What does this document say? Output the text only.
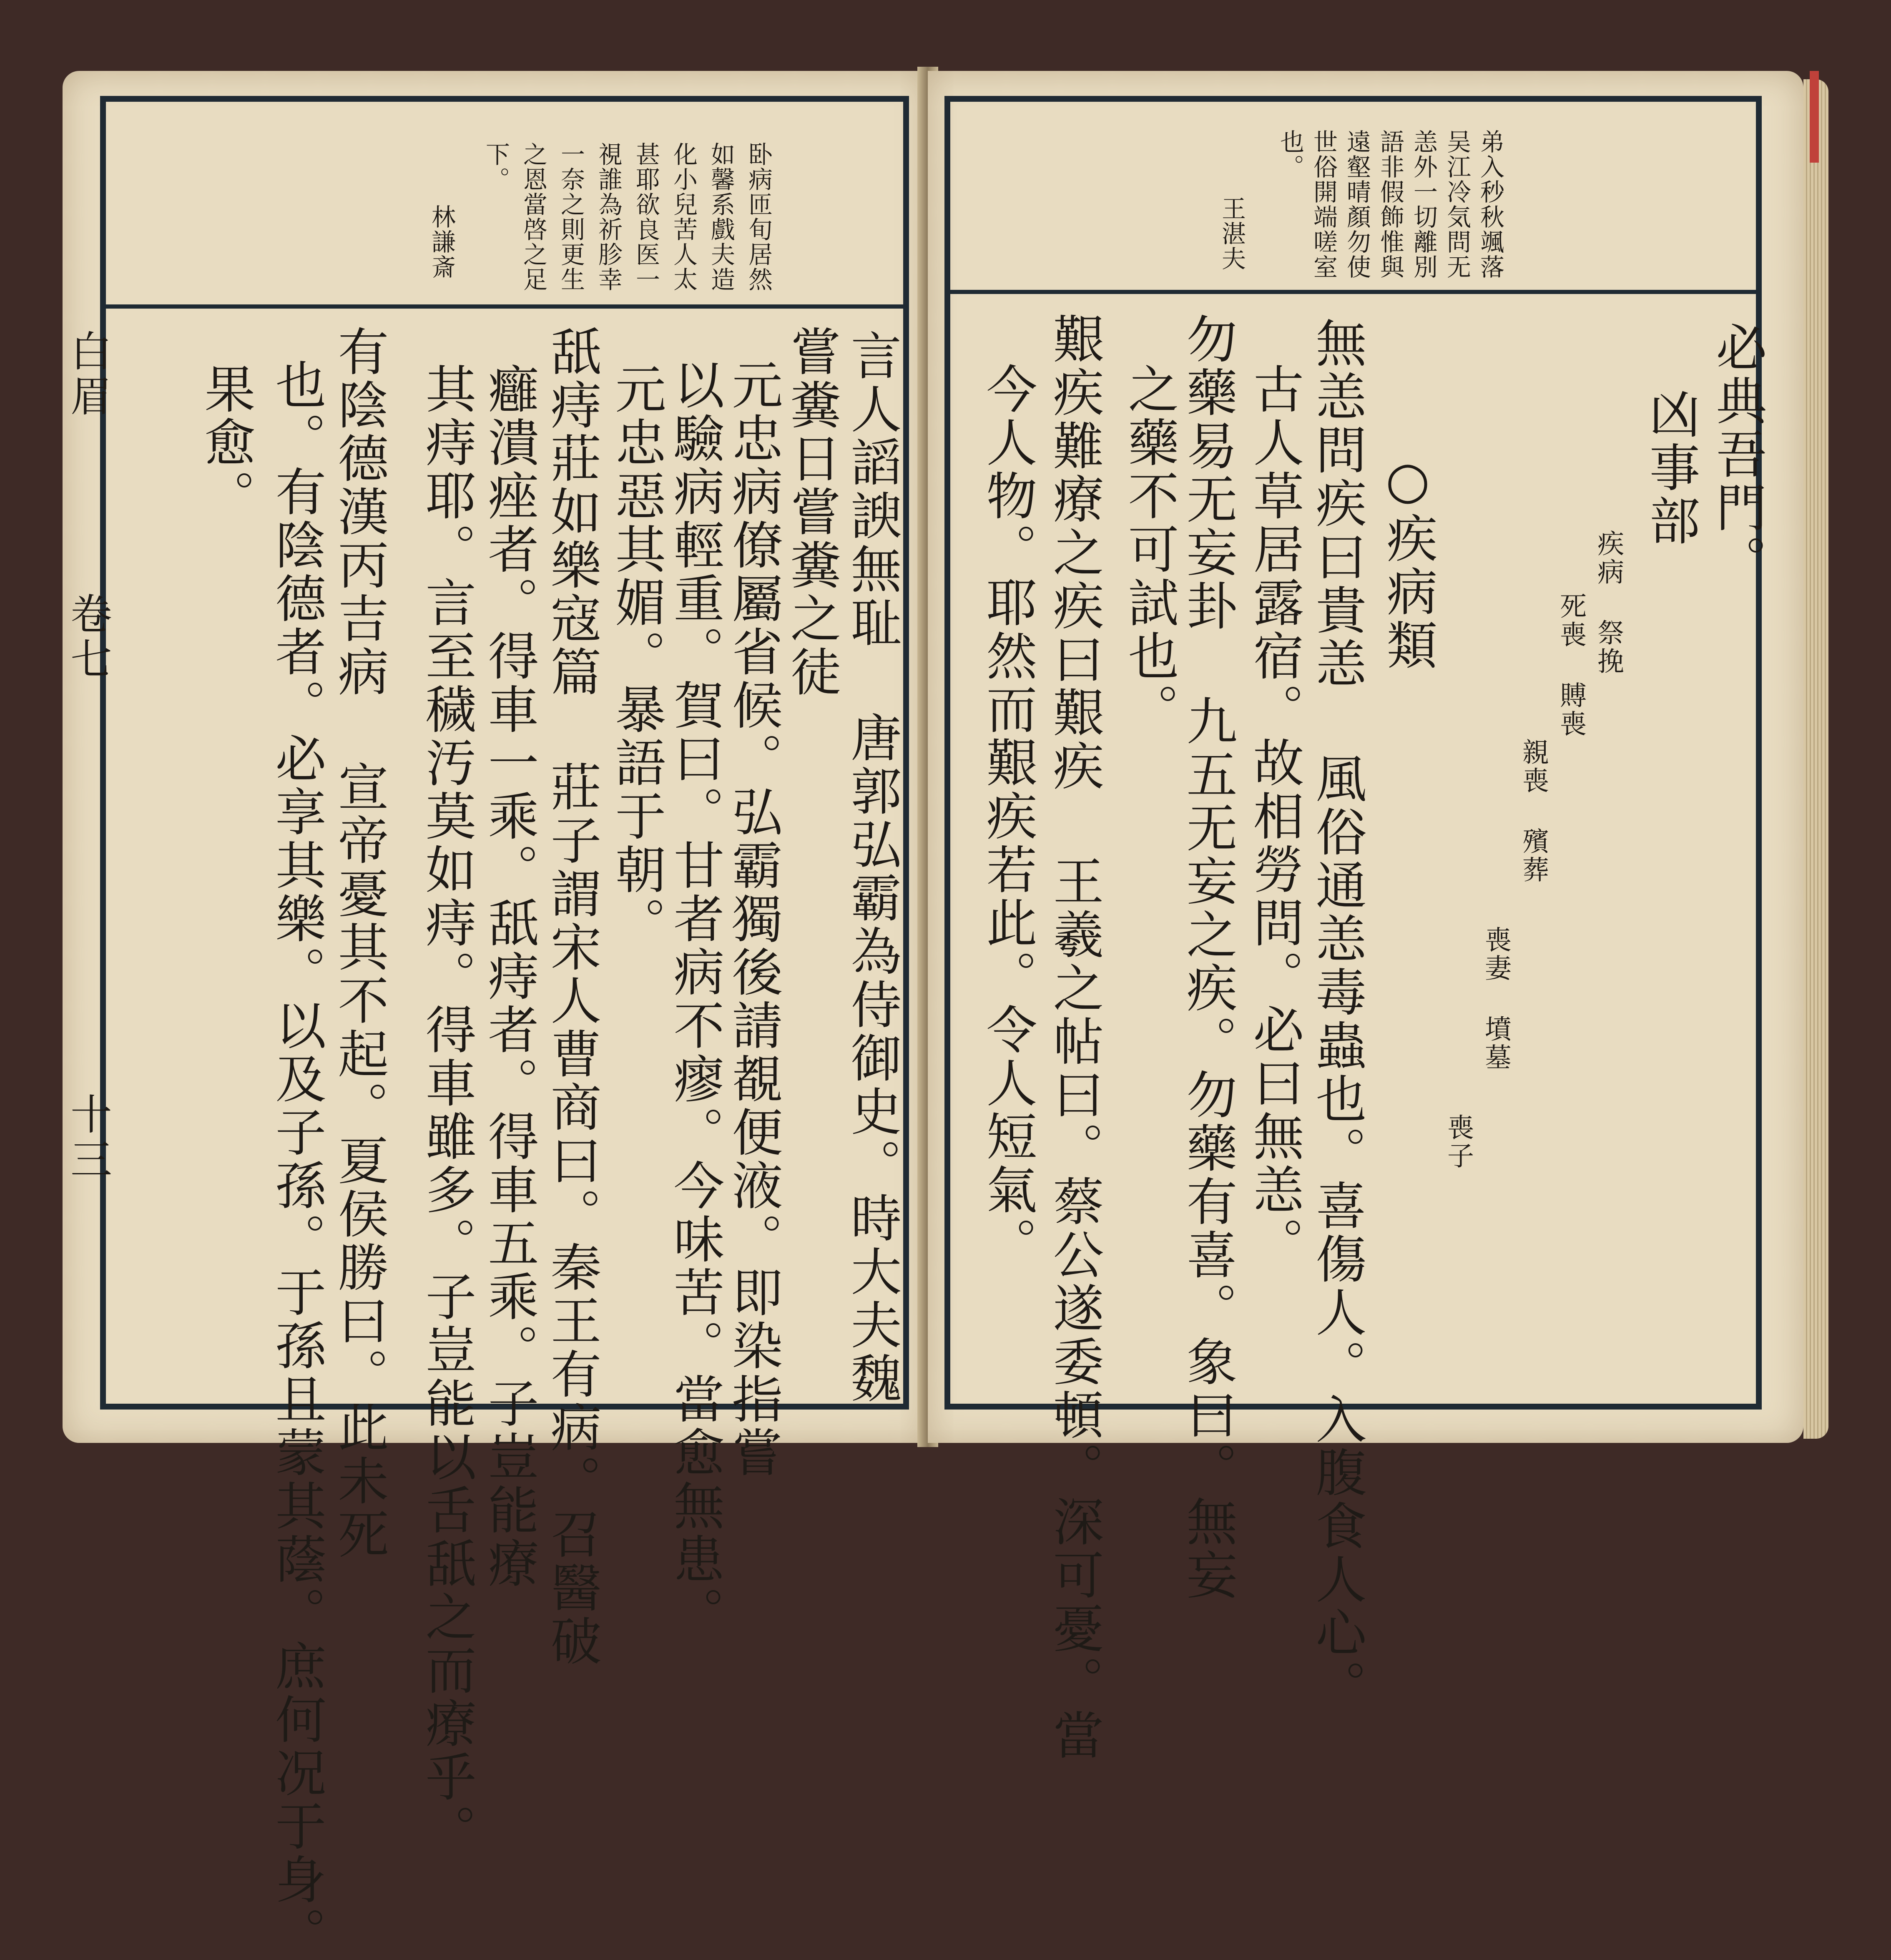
卧病匝旬居然
如馨系戲夫造
化小兒苦人太
甚耶欲良医一
視誰為祈胗幸
一奈之則更生
之恩當啓之足
下。
林謙斎
白眉
卷七
十三	言人謟諛無耻 唐郭弘霸為侍御史。時大夫魏
嘗糞日嘗糞之徒
元忠病僚屬省候。弘霸獨後請覩便液。即染指嘗
以驗病輕重。賀曰。甘者病不瘳。今味苦。當愈無患。
元忠惡其媚。暴語于朝。
舐痔莊如樂寇篇 莊子謂宋人曹商曰。秦王有病。召醫破
癰潰痤者。得車一乘。舐痔者。得車五乘。子豈能療
其痔耶。言至穢汚莫如痔。得車雖多。子豈能以舌舐之而療乎。
有陰德漢丙吉病 宣帝憂其不起。夏侯勝曰。此未死
也。有陰德者。必享其樂。以及子孫。于孫且蒙其蔭。庶何况于身。
果愈。
弟入秒秋颯落
吴江冷気問无
恙外一切離別
語非假飾惟與
遠壑晴顏勿使
世俗開端嗟室
也。
王湛夫
必典吾門。
凶事部
疾病 祭挽
死喪 賻喪
親喪 殯葬
喪妻 墳墓
喪子
○疾病類
無恙問疾曰貴恙 風俗通恙毒蟲也。喜傷人。入腹食人心。
古人草居露宿。故相勞問。必曰無恙。
勿藥易无妄卦 九五无妄之疾。勿藥有喜。象曰。無妄
之藥不可試也。
艱疾難療之疾曰艱疾 王羲之帖曰。蔡公遂委頓。深可憂。當
今人物。耶然而艱疾若此。令人短氣。
